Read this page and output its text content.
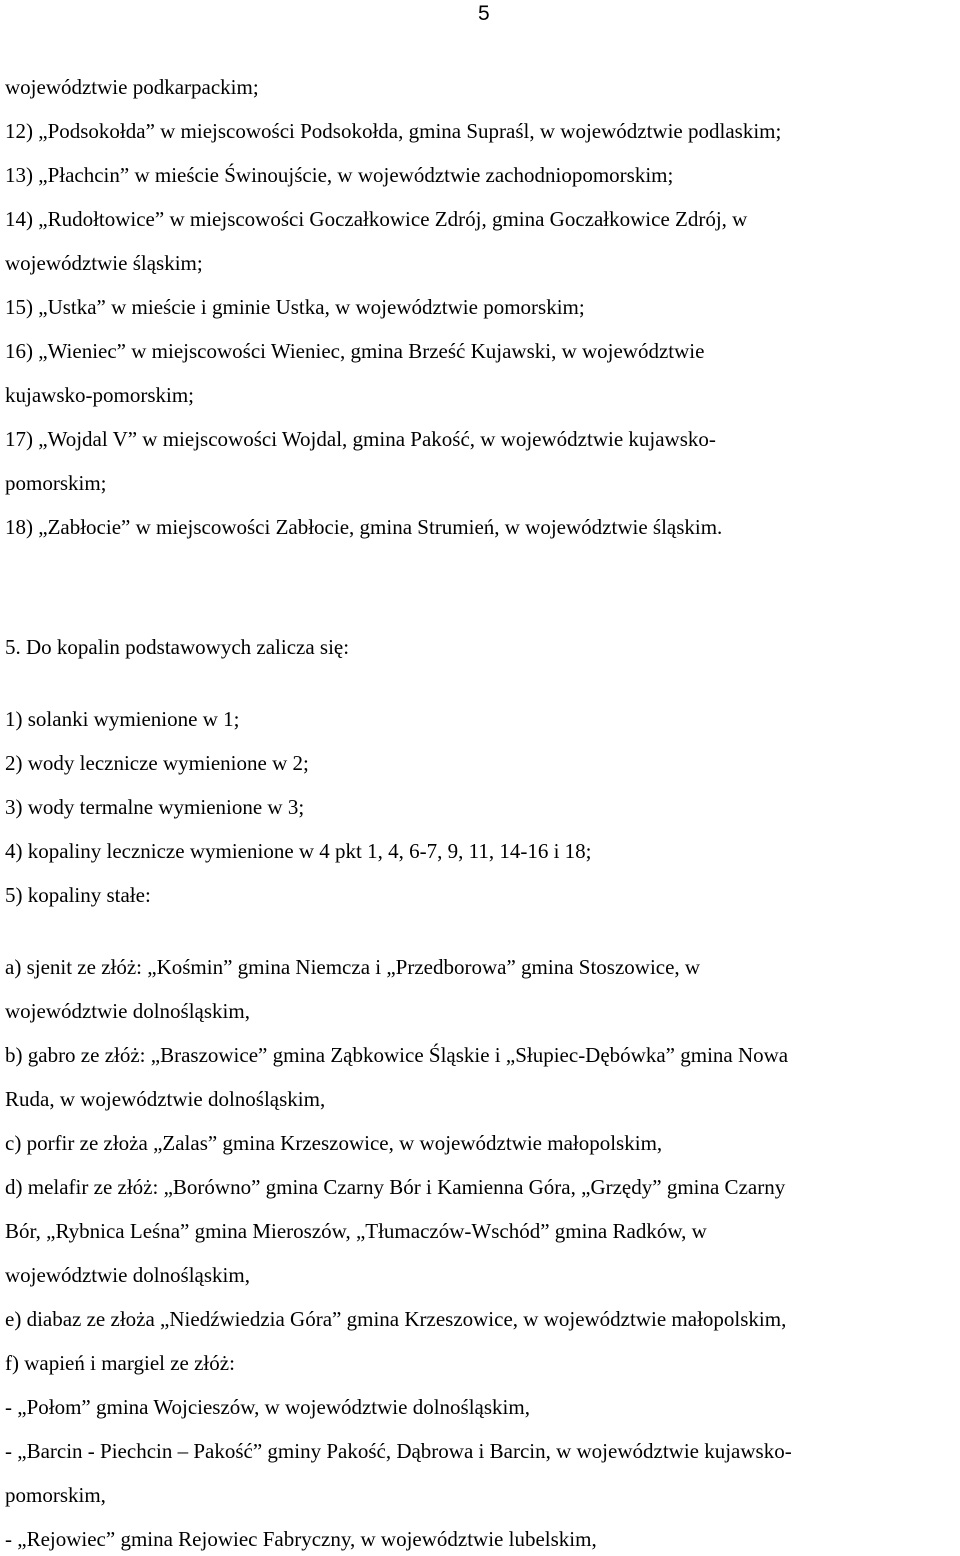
5
województwie podkarpackim;
12) „Podsokołda” w miejscowości Podsokołda, gmina Supraśl, w województwie podlaskim;
13) „Płachcin” w mieście Świnoujście, w województwie zachodniopomorskim;
14) „Rudołtowice” w miejscowości Goczałkowice Zdrój, gmina Goczałkowice Zdrój, w
województwie śląskim;
15) „Ustka” w mieście i gminie Ustka, w województwie pomorskim;
16) „Wieniec” w miejscowości Wieniec, gmina Brześć Kujawski, w województwie
kujawsko-pomorskim;
17) „Wojdal V” w miejscowości Wojdal, gmina Pakość, w województwie kujawsko-
pomorskim;
18) „Zabłocie” w miejscowości Zabłocie, gmina Strumień, w województwie śląskim.
5. Do kopalin podstawowych zalicza się:
1) solanki wymienione w 1;
2) wody lecznicze wymienione w 2;
3) wody termalne wymienione w 3;
4) kopaliny lecznicze wymienione w 4 pkt 1, 4, 6-7, 9, 11, 14-16 i 18;
5) kopaliny stałe:
a) sjenit ze złóż: „Kośmin” gmina Niemcza i „Przedborowa” gmina Stoszowice, w
województwie dolnośląskim,
b) gabro ze złóż: „Braszowice” gmina Ząbkowice Śląskie i „Słupiec-Dębówka” gmina Nowa
Ruda, w województwie dolnośląskim,
c) porfir ze złoża „Zalas” gmina Krzeszowice, w województwie małopolskim,
d) melafir ze złóż: „Borówno” gmina Czarny Bór i Kamienna Góra, „Grzędy” gmina Czarny
Bór, „Rybnica Leśna” gmina Mieroszów, „Tłumaczów-Wschód” gmina Radków, w
województwie dolnośląskim,
e) diabaz ze złoża „Niedźwiedzia Góra” gmina Krzeszowice, w województwie małopolskim,
f) wapień i margiel ze złóż:
- „Połom” gmina Wojcieszów, w województwie dolnośląskim,
- „Barcin - Piechcin – Pakość” gminy Pakość, Dąbrowa i Barcin, w województwie kujawsko-
pomorskim,
- „Rejowiec” gmina Rejowiec Fabryczny, w województwie lubelskim,
